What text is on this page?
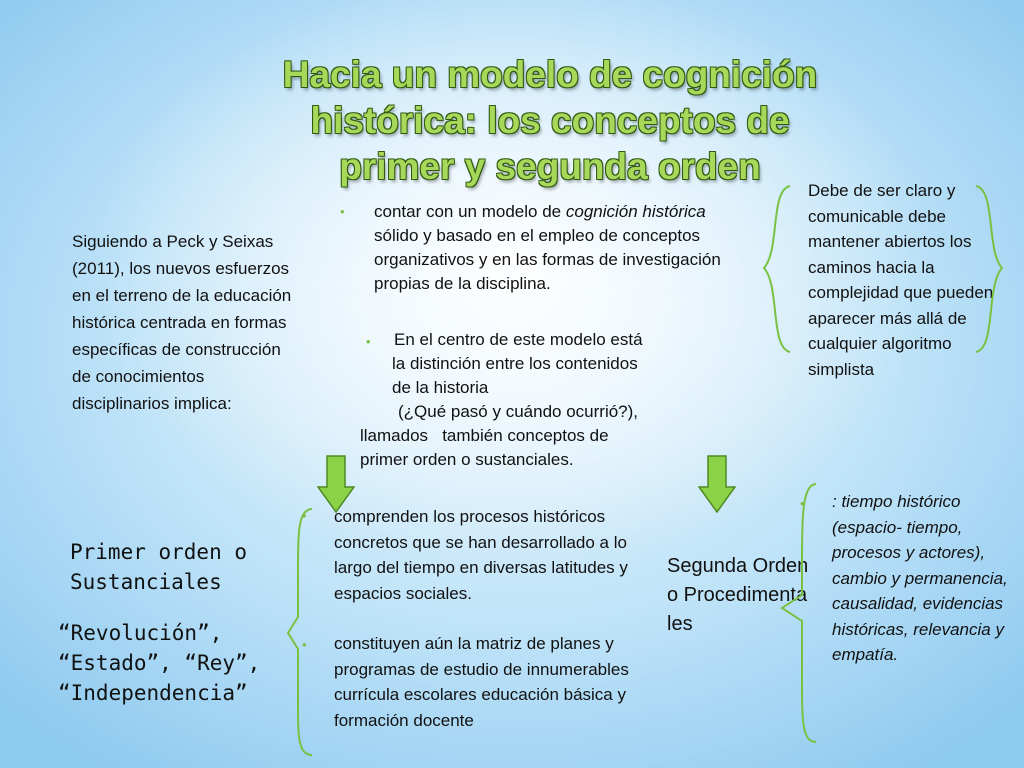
Hacia un modelo de cognición
histórica: los conceptos de
primer y segunda orden
Siguiendo a Peck y Seixas (2011), los nuevos esfuerzos en el terreno de la educación histórica centrada en formas específicas de construcción de conocimientos disciplinarios implica:
• contar con un modelo de cognición histórica sólido y basado en el empleo de conceptos organizativos y en las formas de investigación propias de la disciplina.
•	En el centro de este modelo está
la distinción entre los contenidos
de la historia
(¿Qué pasó y cuándo ocurrió?),
llamados   también conceptos de
primer orden o sustanciales.
Debe de ser claro y comunicable debe mantener abiertos los caminos hacia la complejidad que pueden aparecer más allá de cualquier algoritmo simplista
Primer orden o Sustanciales
“Revolución”, “Estado”, “Rey”, “Independencia”
• comprenden los procesos históricos concretos que se han desarrollado a lo largo del tiempo en diversas latitudes y espacios sociales.
• constituyen aún la matriz de planes y programas de estudio de innumerables currícula escolares educación básica y formación docente
Segunda Orden o Procedimentales
• : tiempo histórico (espacio- tiempo, procesos y actores), cambio y permanencia, causalidad, evidencias históricas, relevancia y empatía.
